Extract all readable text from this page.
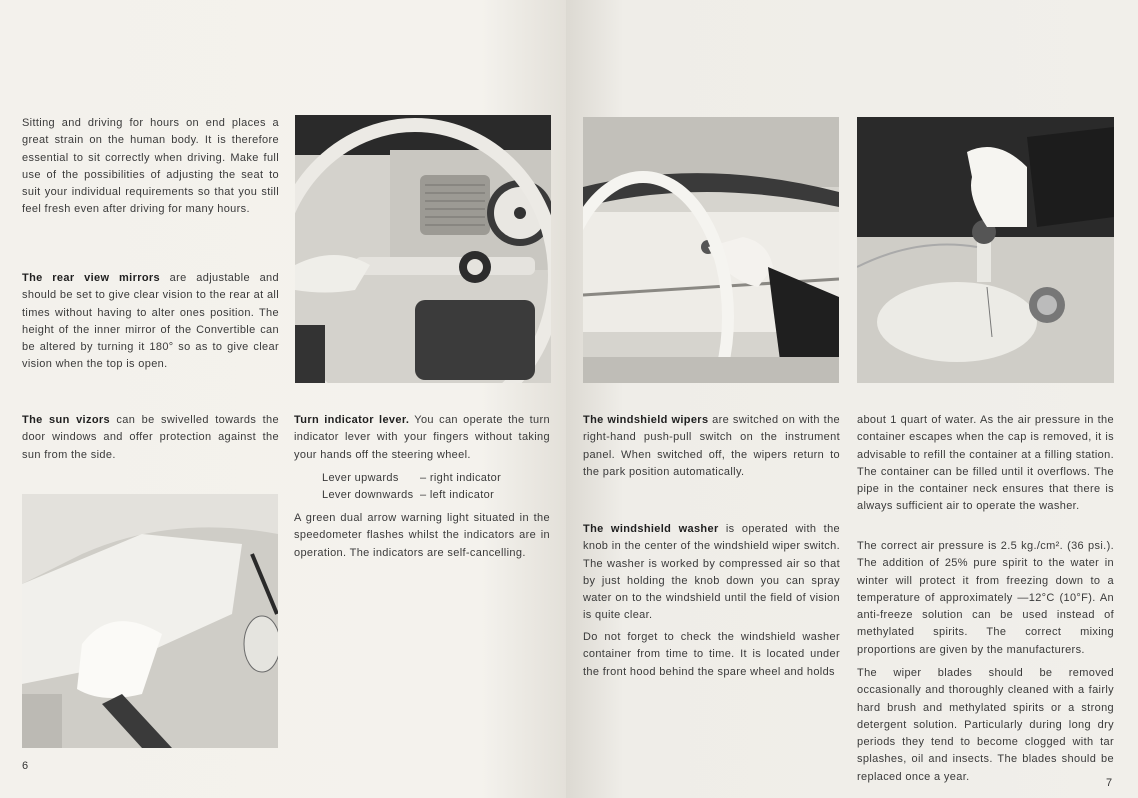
Sitting and driving for hours on end places a great strain on the human body. It is therefore essential to sit correctly when driving. Make full use of the possibilities of adjusting the seat to suit your individual requirements so that you still feel fresh even after driving for many hours.

The rear view mirrors are adjustable and should be set to give clear vision to the rear at all times without having to alter ones position. The height of the inner mirror of the Convertible can be altered by turning it 180° so as to give clear vision when the top is open.

The sun vizors can be swivelled towards the door windows and offer protection against the sun from the side.

Turn indicator lever. You can operate the turn indicator lever with your fingers without taking your hands off the steering wheel.

Lever upwards	– right indicator
Lever downwards – left indicator

A green dual arrow warning light situated in the speedometer flashes whilst the indicators are in operation. The indicators are self-cancelling.

6

The windshield wipers are switched on with the right-hand push-pull switch on the instrument panel. When switched off, the wipers return to the park position automatically.

The windshield washer is operated with the knob in the center of the windshield wiper switch. The washer is worked by compressed air so that by just holding the knob down you can spray water on to the windshield until the field of vision is quite clear.

Do not forget to check the windshield washer container from time to time. It is located under the front hood behind the spare wheel and holds

about 1 quart of water. As the air pressure in the container escapes when the cap is removed, it is advisable to refill the container at a filling station. The container can be filled until it overflows. The pipe in the container neck ensures that there is always sufficient air to operate the washer.

The correct air pressure is 2.5 kg./cm². (36 psi.). The addition of 25% pure spirit to the water in winter will protect it from freezing down to a temperature of approximately —12°C (10°F). An anti-freeze solution can be used instead of methylated spirits. The correct mixing proportions are given by the manufacturers.

The wiper blades should be removed occasionally and thoroughly cleaned with a fairly hard brush and methylated spirits or a strong detergent solution. Particularly during long dry periods they tend to become clogged with tar splashes, oil and insects. The blades should be replaced once a year.

7
